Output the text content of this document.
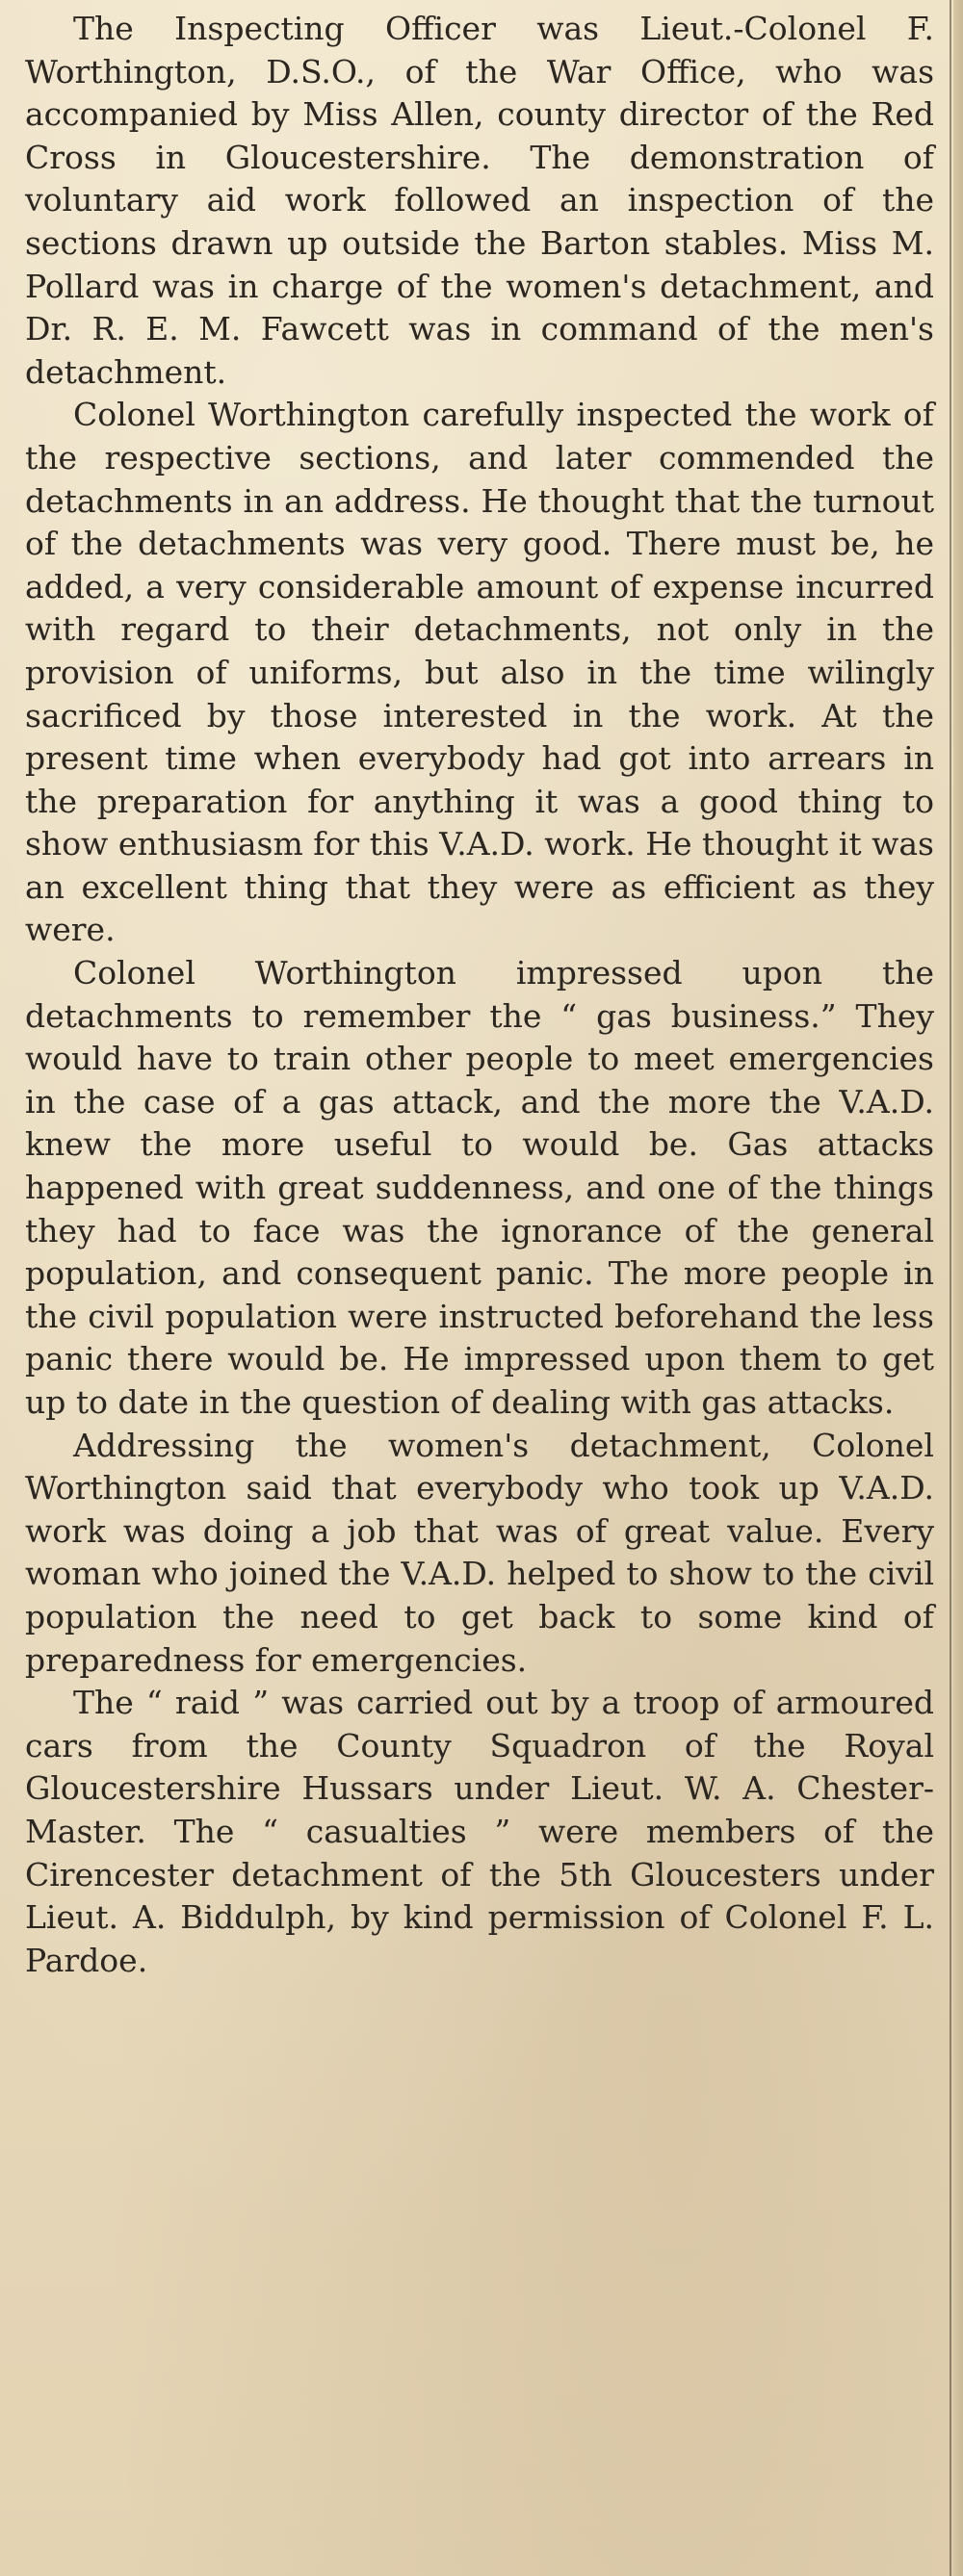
The Inspecting Officer was Lieut.-Colonel F. Worthington, D.S.O., of the War Office, who was accompanied by Miss Allen, county director of the Red Cross in Gloucestershire. The demonstration of voluntary aid work followed an inspection of the sections drawn up outside the Barton stables. Miss M. Pollard was in charge of the women's detachment, and Dr. R. E. M. Fawcett was in command of the men's detachment.

Colonel Worthington carefully inspected the work of the respective sections, and later commended the detachments in an address. He thought that the turnout of the detachments was very good. There must be, he added, a very considerable amount of expense incurred with regard to their detachments, not only in the provision of uniforms, but also in the time wilingly sacrificed by those interested in the work. At the present time when everybody had got into arrears in the preparation for anything it was a good thing to show enthusiasm for this V.A.D. work. He thought it was an excellent thing that they were as efficient as they were.

Colonel Worthington impressed upon the detachments to remember the “ gas business.” They would have to train other people to meet emergencies in the case of a gas attack, and the more the V.A.D. knew the more useful to would be. Gas attacks happened with great suddenness, and one of the things they had to face was the ignorance of the general population, and consequent panic. The more people in the civil population were instructed beforehand the less panic there would be. He impressed upon them to get up to date in the question of dealing with gas attacks.

Addressing the women's detachment, Colonel Worthington said that everybody who took up V.A.D. work was doing a job that was of great value. Every woman who joined the V.A.D. helped to show to the civil population the need to get back to some kind of preparedness for emergencies.

The “ raid ” was carried out by a troop of armoured cars from the County Squadron of the Royal Gloucestershire Hussars under Lieut. W. A. Chester-Master. The “ casualties ” were members of the Cirencester detachment of the 5th Gloucesters under Lieut. A. Biddulph, by kind permission of Colonel F. L. Pardoe.
